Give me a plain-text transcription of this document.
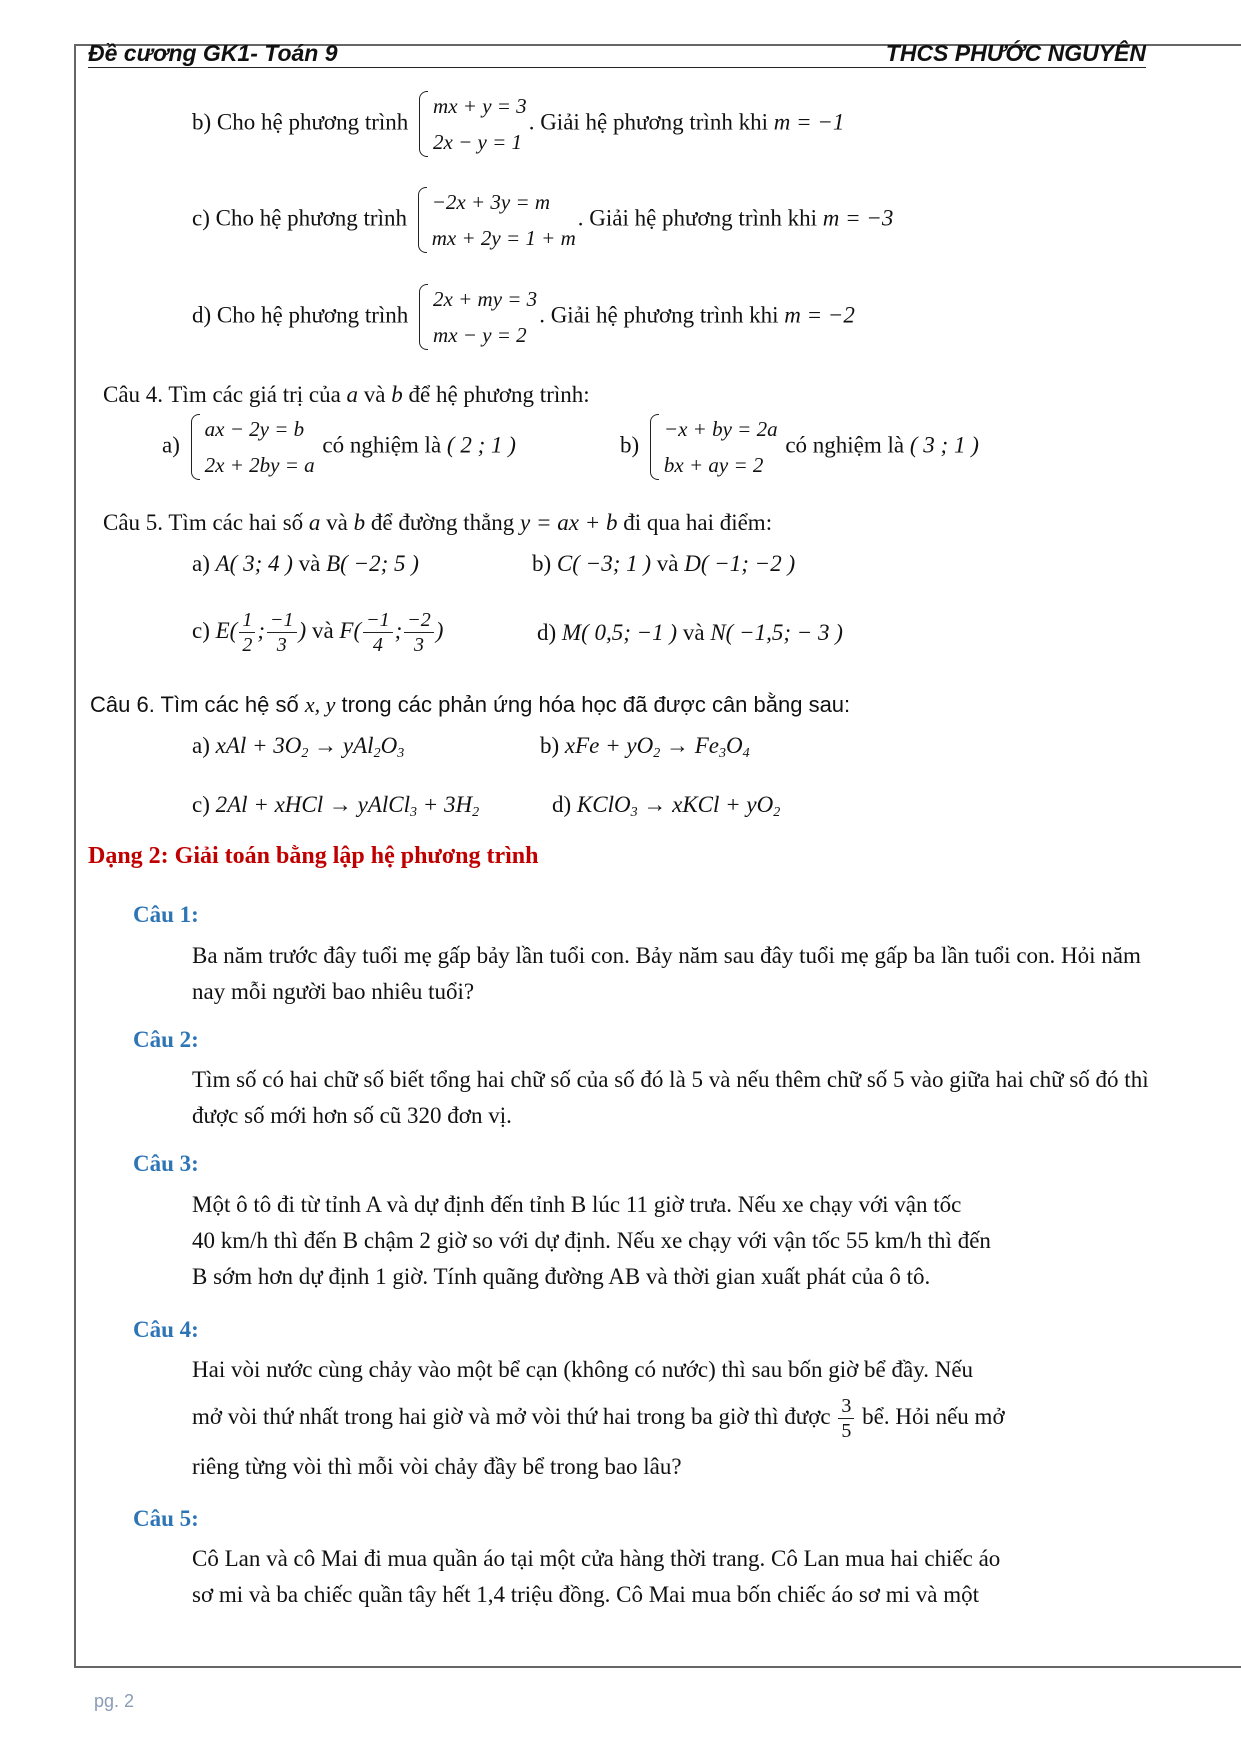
Đề cương GK1- Toán 9	THCS PHƯỚC NGUYÊN
b) Cho hệ phương trình
mx + y = 3
2x − y = 1
. Giải hệ phương trình khi m = −1
c) Cho hệ phương trình
−2x + 3y = m
mx + 2y = 1 + m
. Giải hệ phương trình khi m = −3
d) Cho hệ phương trình
2x + my = 3
mx − y = 2
. Giải hệ phương trình khi m = −2
Câu 4. Tìm các giá trị của a và b để hệ phương trình:
a)
ax − 2y = b
2x + 2by = a
có nghiệm là ( 2 ; 1 )	b)
−x + by = 2a
bx + ay = 2
có nghiệm là ( 3 ; 1 )
Câu 5. Tìm các hai số a và b để đường thẳng y = ax + b đi qua hai điểm:
a) A( 3; 4 ) và B( −2; 5 )	b) C( −3; 1 ) và D( −1; −2 )
c) $E( \frac{1}{2}$ ; $\frac{-1}{3}$ ) và $F( \frac{-1}{4}$ ; $\frac{-2}{3}$ )	d) M( 0,5; −1 ) và N( −1,5; − 3 )
Câu 6. Tìm các hệ số x, y trong các phản ứng hóa học đã được cân bằng sau:
a) xAl + $3O_2 \to yAl_2O_3$	b) xFe + $yO_2 \to Fe_3O_4$
c) 2Al + xHCl → yAlCl$_3$ + $3H_2$	d) KClO$_3$ → xKCl + $yO_2$
Dạng 2: Giải toán bằng lập hệ phương trình
Câu 1:
Ba năm trước đây tuổi mẹ gấp bảy lần tuổi con. Bảy năm sau đây tuổi mẹ gấp ba lần tuổi con. Hỏi năm nay mỗi người bao nhiêu tuổi?
Câu 2:
Tìm số có hai chữ số biết tổng hai chữ số của số đó là 5 và nếu thêm chữ số 5 vào giữa hai chữ số đó thì được số mới hơn số cũ 320 đơn vị.
Câu 3:
Một ô tô đi từ tỉnh A và dự định đến tỉnh B lúc 11 giờ trưa. Nếu xe chạy với vận tốc
40 km/h thì đến B chậm 2 giờ so với dự định. Nếu xe chạy với vận tốc 55 km/h thì đến
B sớm hơn dự định 1 giờ. Tính quãng đường AB và thời gian xuất phát của ô tô.
Câu 4:
Hai vòi nước cùng chảy vào một bể cạn (không có nước) thì sau bốn giờ bể đầy. Nếu
mở vòi thứ nhất trong hai giờ và mở vòi thứ hai trong ba giờ thì được $\frac{3}{5}$ bể. Hỏi nếu mở
riêng từng vòi thì mỗi vòi chảy đầy bể trong bao lâu?
Câu 5:
Cô Lan và cô Mai đi mua quần áo tại một cửa hàng thời trang. Cô Lan mua hai chiếc áo
sơ mi và ba chiếc quần tây hết 1,4 triệu đồng. Cô Mai mua bốn chiếc áo sơ mi và một
pg. 2
